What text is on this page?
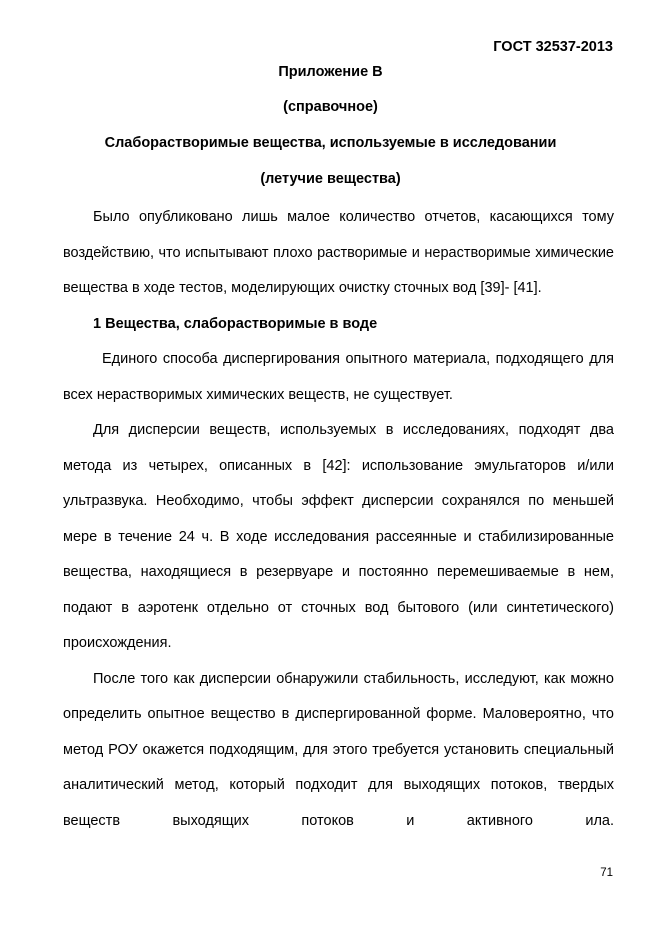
ГОСТ 32537-2013
Приложение В
(справочное)
Слаборастворимые вещества, используемые в исследовании
(летучие вещества)

Было опубликовано лишь малое количество отчетов, касающихся тому воздействию, что испытывают плохо растворимые и нерастворимые химические вещества в ходе тестов, моделирующих очистку сточных вод [39]- [41].

1 Вещества, слаборастворимые в воде

Единого способа диспергирования опытного материала, подходящего для всех нерастворимых химических веществ, не существует.

Для дисперсии веществ, используемых в исследованиях, подходят два метода из четырех, описанных в [42]: использование эмульгаторов и/или ультразвука. Необходимо, чтобы эффект дисперсии сохранялся по меньшей мере в течение 24 ч. В ходе исследования рассеянные и стабилизированные вещества, находящиеся в резервуаре и постоянно перемешиваемые в нем, подают в аэротенк отдельно от сточных вод бытового (или синтетического) происхождения.

После того как дисперсии обнаружили стабильность, исследуют, как можно определить опытное вещество в диспергированной форме. Маловероятно, что метод РОУ окажется подходящим, для этого требуется установить специальный аналитический метод, который подходит для выходящих потоков, твердых веществ выходящих потоков и активного ила.

71
